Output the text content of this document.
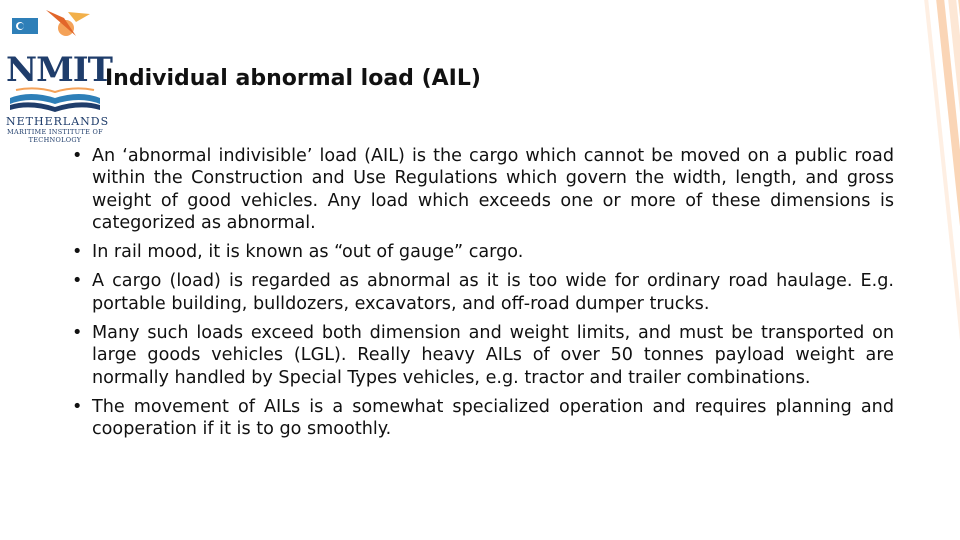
NMIT
NETHERLANDS
MARITIME INSTITUTE OF TECHNOLOGY
Individual abnormal load (AIL)
• An ‘abnormal indivisible’ load (AIL) is the cargo which cannot be moved on a public road within the Construction and Use Regulations which govern the width, length, and gross weight of good vehicles. Any load which exceeds one or more of these dimensions is categorized as abnormal.
• In rail mood, it is known as “out of gauge” cargo.
• A cargo (load) is regarded as abnormal as it is too wide for ordinary road haulage. E.g. portable building, bulldozers, excavators, and off-road dumper trucks.
• Many such loads exceed both dimension and weight limits, and must be transported on large goods vehicles (LGL). Really heavy AILs of over 50 tonnes payload weight are normally handled by Special Types vehicles, e.g. tractor and trailer combinations.
• The movement of AILs is a somewhat specialized operation and requires planning and cooperation if it is to go smoothly.
